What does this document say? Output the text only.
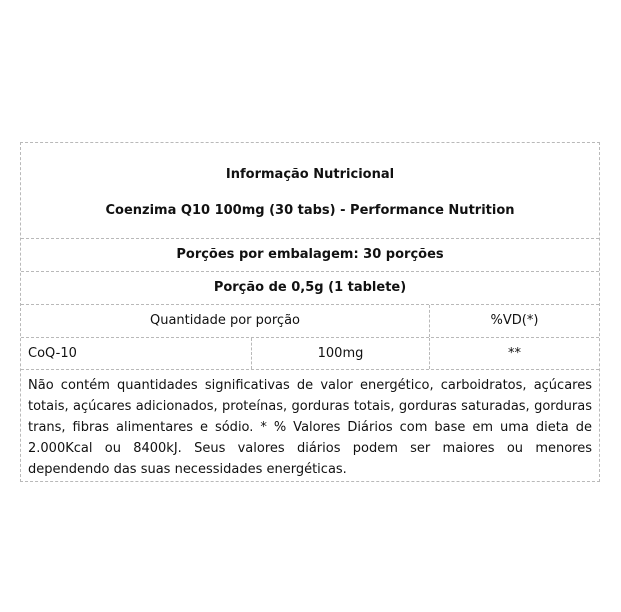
Informação Nutricional
Coenzima Q10 100mg (30 tabs) - Performance Nutrition
Porções por embalagem: 30 porções
Porção de 0,5g (1 tablete)
Quantidade por porção	%VD(*)
CoQ-10	100mg	**
Não contém quantidades significativas de valor energético, carboidratos, açúcares totais, açúcares adicionados, proteínas, gorduras totais, gorduras saturadas, gorduras trans, fibras alimentares e sódio. * % Valores Diários com base em uma dieta de 2.000Kcal ou 8400kJ. Seus valores diários podem ser maiores ou menores dependendo das suas necessidades energéticas.
